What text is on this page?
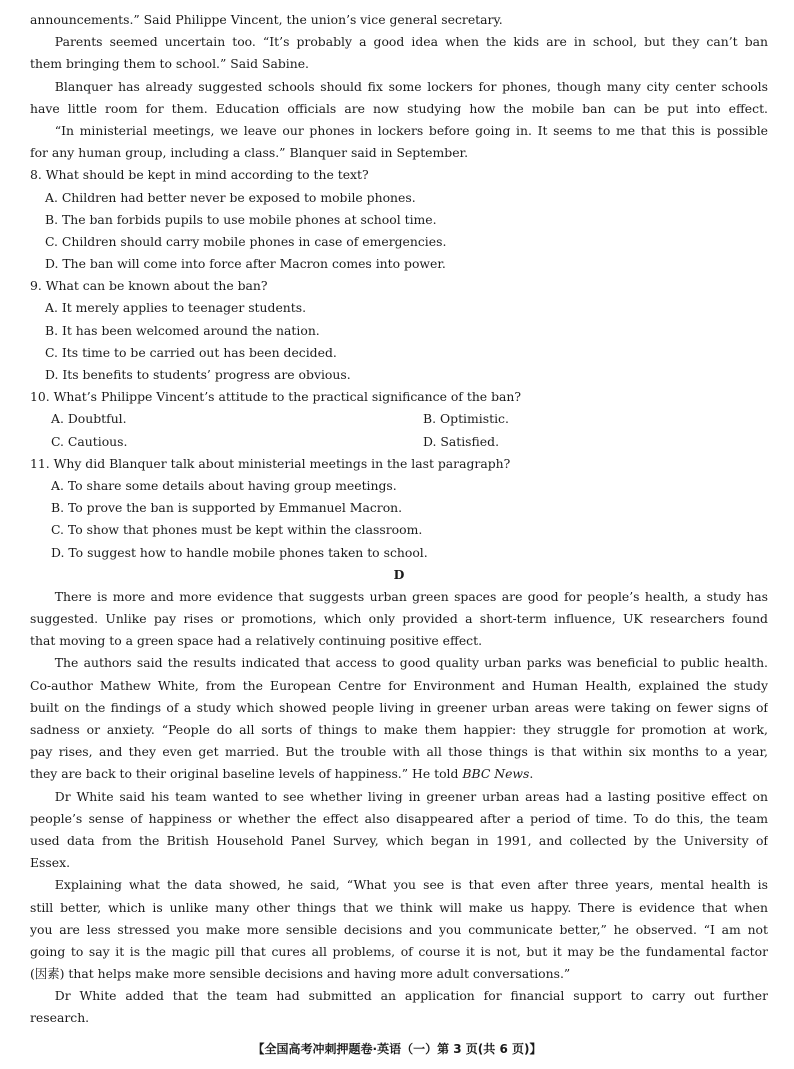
announcements.” Said Philippe Vincent, the union’s vice general secretary.
Parents seemed uncertain too. “It’s probably a good idea when the kids are in school, but they can’t ban
them bringing them to school.” Said Sabine.
Blanquer has already suggested schools should fix some lockers for phones, though many city center schools
have little room for them. Education officials are now studying how the mobile ban can be put into effect.
“In ministerial meetings, we leave our phones in lockers before going in. It seems to me that this is possible
for any human group, including a class.” Blanquer said in September.
8. What should be kept in mind according to the text?
A. Children had better never be exposed to mobile phones.
B. The ban forbids pupils to use mobile phones at school time.
C. Children should carry mobile phones in case of emergencies.
D. The ban will come into force after Macron comes into power.
9. What can be known about the ban?
A. It merely applies to teenager students.
B. It has been welcomed around the nation.
C. Its time to be carried out has been decided.
D. Its benefits to students’ progress are obvious.
10. What’s Philippe Vincent’s attitude to the practical significance of the ban?
A. Doubtful.	B. Optimistic.
C. Cautious.	D. Satisfied.
11. Why did Blanquer talk about ministerial meetings in the last paragraph?
A. To share some details about having group meetings.
B. To prove the ban is supported by Emmanuel Macron.
C. To show that phones must be kept within the classroom.
D. To suggest how to handle mobile phones taken to school.
D
There is more and more evidence that suggests urban green spaces are good for people’s health, a study has
suggested. Unlike pay rises or promotions, which only provided a short-term influence, UK researchers found
that moving to a green space had a relatively continuing positive effect.
The authors said the results indicated that access to good quality urban parks was beneficial to public health.
Co-author Mathew White, from the European Centre for Environment and Human Health, explained the study
built on the findings of a study which showed people living in greener urban areas were taking on fewer signs of
sadness or anxiety. “People do all sorts of things to make them happier: they struggle for promotion at work,
pay rises, and they even get married. But the trouble with all those things is that within six months to a year,
they are back to their original baseline levels of happiness.” He told BBC News.
Dr White said his team wanted to see whether living in greener urban areas had a lasting positive effect on
people’s sense of happiness or whether the effect also disappeared after a period of time. To do this, the team
used data from the British Household Panel Survey, which began in 1991, and collected by the University of
Essex.
Explaining what the data showed, he said, “What you see is that even after three years, mental health is
still better, which is unlike many other things that we think will make us happy. There is evidence that when
you are less stressed you make more sensible decisions and you communicate better,” he observed. “I am not
going to say it is the magic pill that cures all problems, of course it is not, but it may be the fundamental factor
(因素) that helps make more sensible decisions and having more adult conversations.”
Dr White added that the team had submitted an application for financial support to carry out further
research.
【全国高考冲刺押题卷·英语（一）第 3 页(共 6 页)】
